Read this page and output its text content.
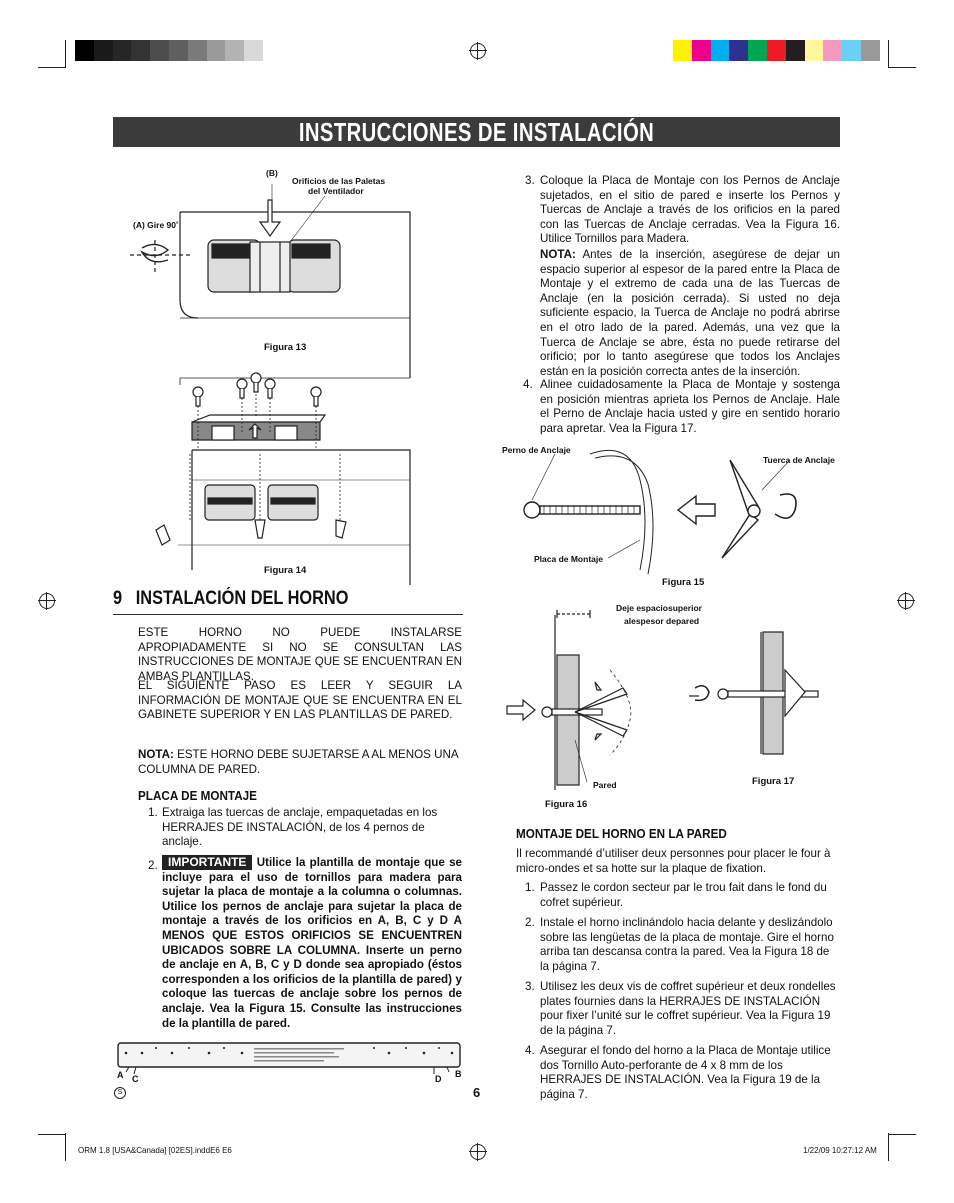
INSTRUCCIONES DE INSTALACIÓN
(B)
Orificios de las Paletas
del Ventilador
(A) Gire 90˚
Figura 13
Figura 14
9 INSTALACIÓN DEL HORNO
ESTE HORNO NO PUEDE INSTALARSE APROPIADAMENTE SI NO SE CONSULTAN LAS INSTRUCCIONES DE MONTAJE QUE SE ENCUENTRAN EN AMBAS PLANTILLAS.
EL SIGUIENTE PASO ES LEER Y SEGUIR LA INFORMACIÓN DE MONTAJE QUE SE ENCUENTRA EN EL GABINETE SUPERIOR Y EN LAS PLANTILLAS DE PARED.
NOTA: ESTE HORNO DEBE SUJETARSE A AL MENOS UNA COLUMNA DE PARED.
PLACA DE MONTAJE
1. Extraiga las tuercas de anclaje, empaquetadas en los HERRAJES DE INSTALACIÓN, de los 4 pernos de anclaje.
2. IMPORTANTE Utilice la plantilla de montaje que se incluye para el uso de tornillos para madera para sujetar la placa de montaje a la columna o columnas. Utilice los pernos de anclaje para sujetar la placa de montaje a través de los orificios en A, B, C y D A MENOS QUE ESTOS ORIFICIOS SE ENCUENTREN UBICADOS SOBRE LA COLUMNA. Inserte un perno de anclaje en A, B, C y D donde sea apropiado (éstos corresponden a los orificios de la plantilla de pared) y coloque las tuercas de anclaje sobre los pernos de anclaje. Vea la Figura 15. Consulte las instrucciones de la plantilla de pared.
A C	D B
S	6
3. Coloque la Placa de Montaje con los Pernos de Anclaje sujetados, en el sitio de pared e inserte los Pernos y Tuercas de Anclaje a través de los orificios en la pared con las Tuercas de Anclaje cerradas. Vea la Figura 16. Utilice Tornillos para Madera.
NOTA: Antes de la inserción, asegúrese de dejar un espacio superior al espesor de la pared entre la Placa de Montaje y el extremo de cada una de las Tuercas de Anclaje (en la posición cerrada). Si usted no deja suficiente espacio, la Tuerca de Anclaje no podrá abrirse en el otro lado de la pared. Además, una vez que la Tuerca de Anclaje se abre, ésta no puede retirarse del orificio; por lo tanto asegúrese que todos los Anclajes están en la posición correcta antes de la inserción.
4. Alinee cuidadosamente la Placa de Montaje y sostenga en posición mientras aprieta los Pernos de Anclaje. Hale el Perno de Anclaje hacia usted y gire en sentido horario para apretar. Vea la Figura 17.
Perno de Anclaje
Tuerca de Anclaje
Placa de Montaje
Figura 15
Deje espaciosuperior
alespesor depared
Pared
Figura 16
Figura 17
MONTAJE DEL HORNO EN LA PARED
Il recommandé d’utiliser deux personnes pour placer le four à micro-ondes et sa hotte sur la plaque de fixation.
1. Passez le cordon secteur par le trou fait dans le fond du cofret supérieur.
2. Instale el horno inclinándolo hacia delante y deslizándolo sobre las lengüetas de la placa de montaje. Gire el horno arriba tan descansa contra la pared. Vea la Figura 18 de la página 7.
3. Utilisez les deux vis de coffret supérieur et deux rondelles plates fournies dans la HERRAJES DE INSTALACIÓN pour fixer l’unité sur le coffret supérieur. Vea la Figura 19 de la página 7.
4. Asegurar el fondo del horno a la Placa de Montaje utilice dos Tornillo Auto-perforante de 4 x 8 mm de los HERRAJES DE INSTALACIÓN. Vea la Figura 19 de la página 7.
ORM 1.8 [USA&Canada] [02ES].inddE6 E6	1/22/09 10:27:12 AM
